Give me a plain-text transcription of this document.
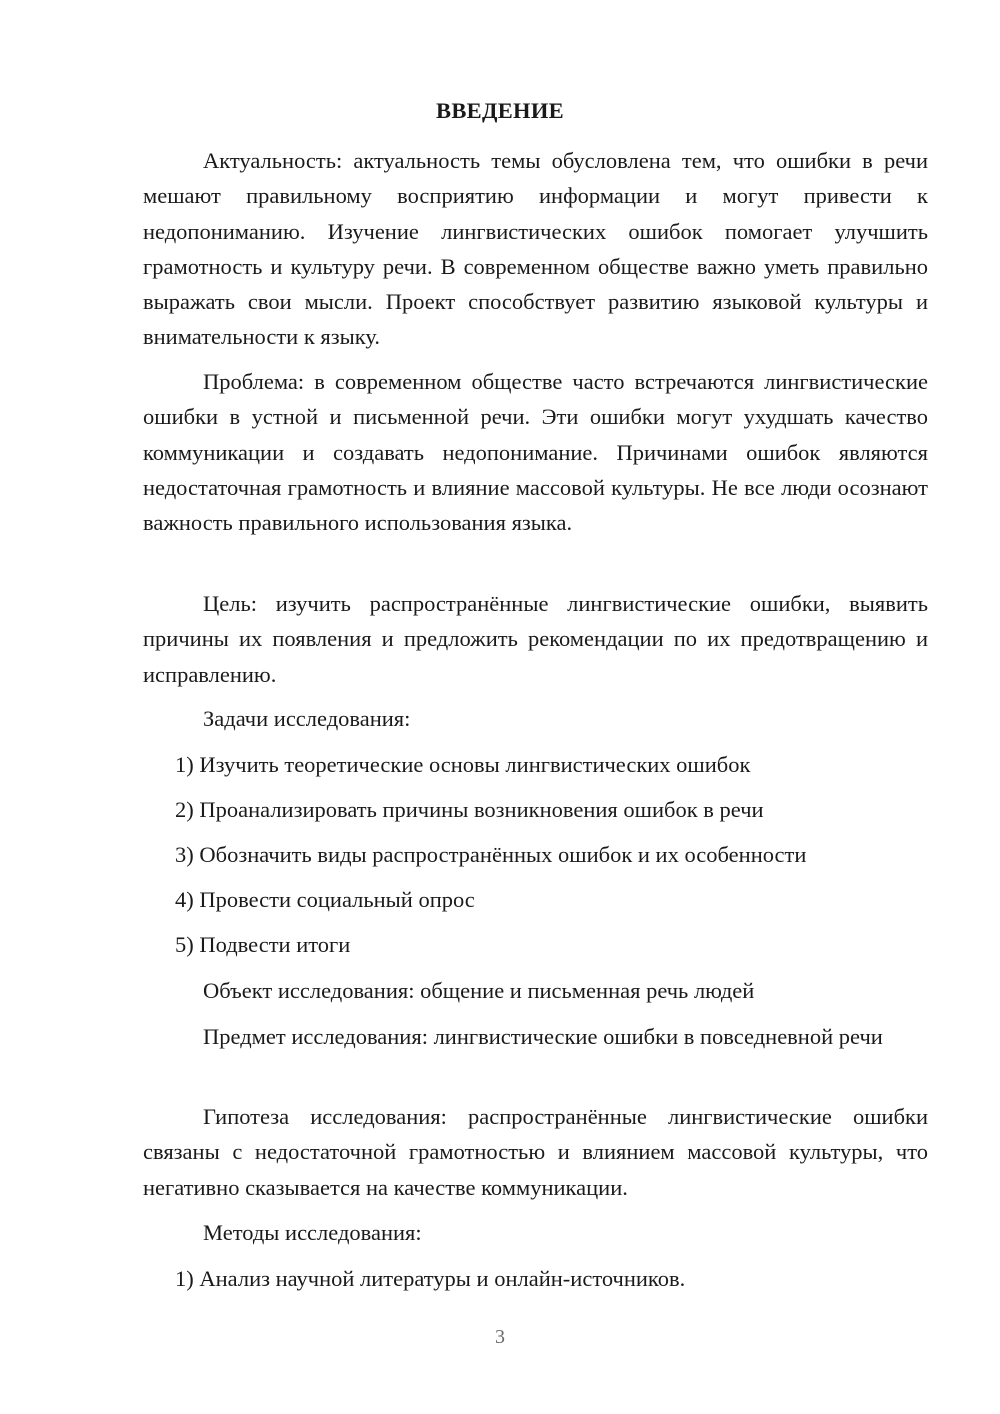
ВВЕДЕНИЕ

Актуальность: актуальность темы обусловлена тем, что ошибки в речи мешают правильному восприятию информации и могут привести к недопониманию. Изучение лингвистических ошибок помогает улучшить грамотность и культуру речи. В современном обществе важно уметь правильно выражать свои мысли. Проект способствует развитию языковой культуры и внимательности к языку.

Проблема: в современном обществе часто встречаются лингвистические ошибки в устной и письменной речи. Эти ошибки могут ухудшать качество коммуникации и создавать недопонимание. Причинами ошибок являются недостаточная грамотность и влияние массовой культуры. Не все люди осознают важность правильного использования языка.

Цель: изучить распространённые лингвистические ошибки, выявить причины их появления и предложить рекомендации по их предотвращению и исправлению.

Задачи исследования:

1) Изучить теоретические основы лингвистических ошибок

2) Проанализировать причины возникновения ошибок в речи

3) Обозначить виды распространённых ошибок и их особенности

4) Провести социальный опрос

5) Подвести итоги

Объект исследования: общение и письменная речь людей

Предмет исследования: лингвистические ошибки в повседневной речи

Гипотеза исследования: распространённые лингвистические ошибки связаны с недостаточной грамотностью и влиянием массовой культуры, что негативно сказывается на качестве коммуникации.

Методы исследования:

1) Анализ научной литературы и онлайн-источников.

3
